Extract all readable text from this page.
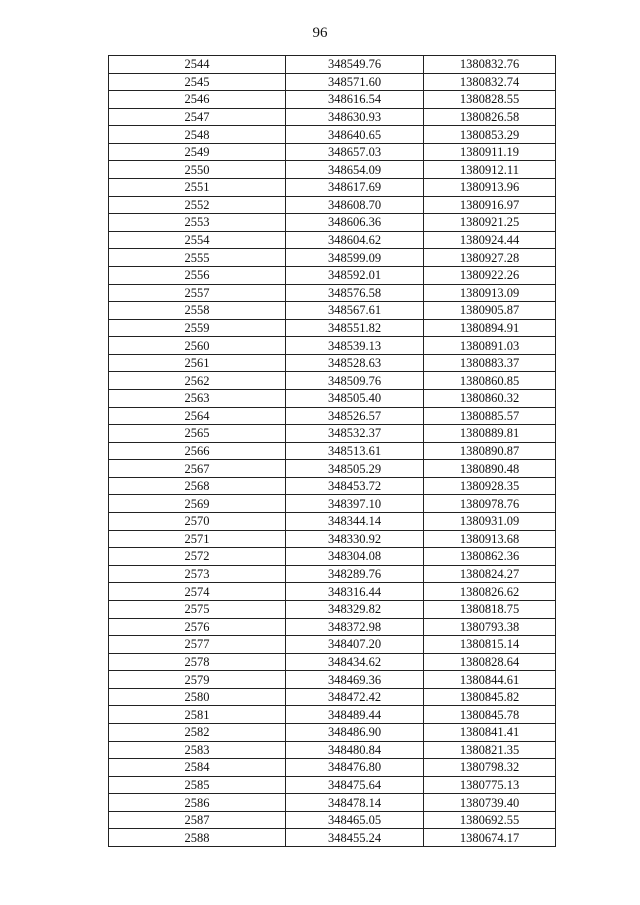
96
2544	348549.76	1380832.76
2545	348571.60	1380832.74
2546	348616.54	1380828.55
2547	348630.93	1380826.58
2548	348640.65	1380853.29
2549	348657.03	1380911.19
2550	348654.09	1380912.11
2551	348617.69	1380913.96
2552	348608.70	1380916.97
2553	348606.36	1380921.25
2554	348604.62	1380924.44
2555	348599.09	1380927.28
2556	348592.01	1380922.26
2557	348576.58	1380913.09
2558	348567.61	1380905.87
2559	348551.82	1380894.91
2560	348539.13	1380891.03
2561	348528.63	1380883.37
2562	348509.76	1380860.85
2563	348505.40	1380860.32
2564	348526.57	1380885.57
2565	348532.37	1380889.81
2566	348513.61	1380890.87
2567	348505.29	1380890.48
2568	348453.72	1380928.35
2569	348397.10	1380978.76
2570	348344.14	1380931.09
2571	348330.92	1380913.68
2572	348304.08	1380862.36
2573	348289.76	1380824.27
2574	348316.44	1380826.62
2575	348329.82	1380818.75
2576	348372.98	1380793.38
2577	348407.20	1380815.14
2578	348434.62	1380828.64
2579	348469.36	1380844.61
2580	348472.42	1380845.82
2581	348489.44	1380845.78
2582	348486.90	1380841.41
2583	348480.84	1380821.35
2584	348476.80	1380798.32
2585	348475.64	1380775.13
2586	348478.14	1380739.40
2587	348465.05	1380692.55
2588	348455.24	1380674.17
